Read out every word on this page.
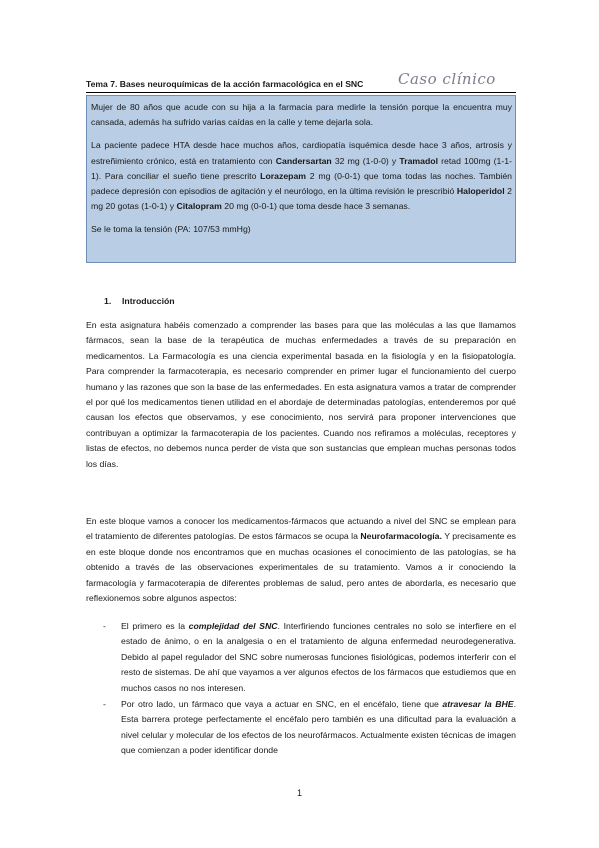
Tema 7. Bases neuroquímicas de la acción farmacológica en el SNC Caso clínico

Mujer de 80 años que acude con su hija a la farmacia para medirle la tensión porque la encuentra muy cansada, además ha sufrido varias caídas en la calle y teme dejarla sola.

La paciente padece HTA desde hace muchos años, cardiopatía isquémica desde hace 3 años, artrosis y estreñimiento crónico, está en tratamiento con Candersartan 32 mg (1-0-0) y Tramadol retad 100mg (1-1-1). Para conciliar el sueño tiene prescrito Lorazepam 2 mg (0-0-1) que toma todas las noches. También padece depresión con episodios de agitación y el neurólogo, en la última revisión le prescribió Haloperidol 2 mg 20 gotas (1-0-1) y Citalopram 20 mg (0-0-1) que toma desde hace 3 semanas.

Se le toma la tensión (PA: 107/53 mmHg)

1. Introducción

En esta asignatura habéis comenzado a comprender las bases para que las moléculas a las que llamamos fármacos, sean la base de la terapéutica de muchas enfermedades a través de su preparación en medicamentos. La Farmacología es una ciencia experimental basada en la fisiología y en la fisiopatología. Para comprender la farmacoterapia, es necesario comprender en primer lugar el funcionamiento del cuerpo humano y las razones que son la base de las enfermedades. En esta asignatura vamos a tratar de comprender el por qué los medicamentos tienen utilidad en el abordaje de determinadas patologías, entenderemos por qué causan los efectos que observamos, y ese conocimiento, nos servirá para proponer intervenciones que contribuyan a optimizar la farmacoterapia de los pacientes. Cuando nos refiramos a moléculas, receptores y listas de efectos, no debemos nunca perder de vista que son sustancias que emplean muchas personas todos los días.

En este bloque vamos a conocer los medicamentos-fármacos que actuando a nivel del SNC se emplean para el tratamiento de diferentes patologías. De estos fármacos se ocupa la Neurofarmacología. Y precisamente es en este bloque donde nos encontramos que en muchas ocasiones el conocimiento de las patologías, se ha obtenido a través de las observaciones experimentales de su tratamiento. Vamos a ir conociendo la farmacología y farmacoterapia de diferentes problemas de salud, pero antes de abordarla, es necesario que reflexionemos sobre algunos aspectos:

- El primero es la complejidad del SNC. Interfiriendo funciones centrales no solo se interfiere en el estado de ánimo, o en la analgesia o en el tratamiento de alguna enfermedad neurodegenerativa. Debido al papel regulador del SNC sobre numerosas funciones fisiológicas, podemos interferir con el resto de sistemas. De ahí que vayamos a ver algunos efectos de los fármacos que estudiemos que en muchos casos no nos interesen.
- Por otro lado, un fármaco que vaya a actuar en SNC, en el encéfalo, tiene que atravesar la BHE. Esta barrera protege perfectamente el encéfalo pero también es una dificultad para la evaluación a nivel celular y molecular de los efectos de los neurofármacos. Actualmente existen técnicas de imagen que comienzan a poder identificar donde
1
